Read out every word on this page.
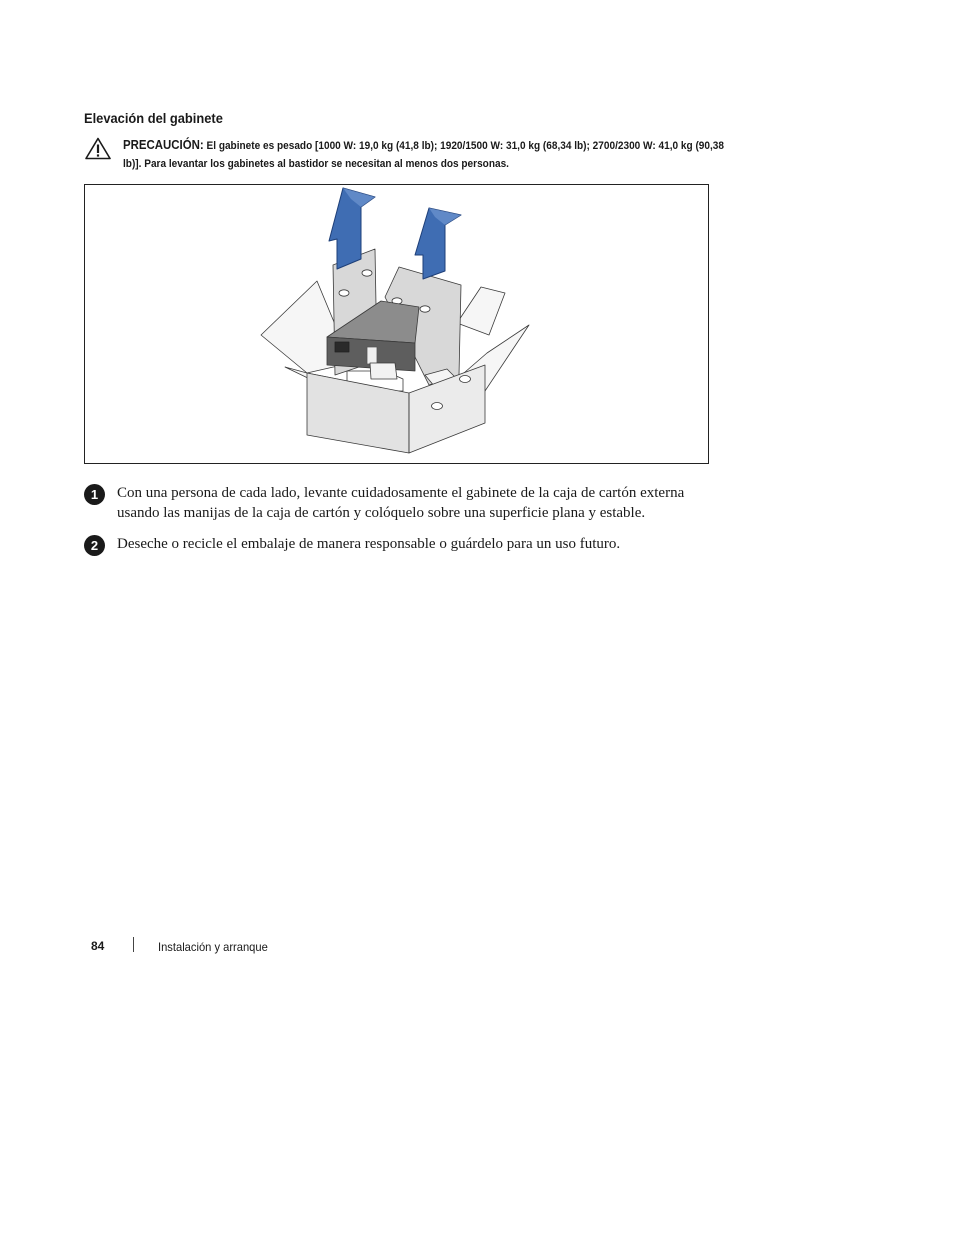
Elevación del gabinete
PRECAUCIÓN: El gabinete es pesado [1000 W: 19,0 kg (41,8 lb); 1920/1500 W: 31,0 kg (68,34 lb); 2700/2300 W: 41,0 kg (90,38 lb)]. Para levantar los gabinetes al bastidor se necesitan al menos dos personas.
1	Con una persona de cada lado, levante cuidadosamente el gabinete de la caja de cartón externa
usando las manijas de la caja de cartón y colóquelo sobre una superficie plana y estable.
2	Deseche o recicle el embalaje de manera responsable o guárdelo para un uso futuro.
84	Instalación y arranque
